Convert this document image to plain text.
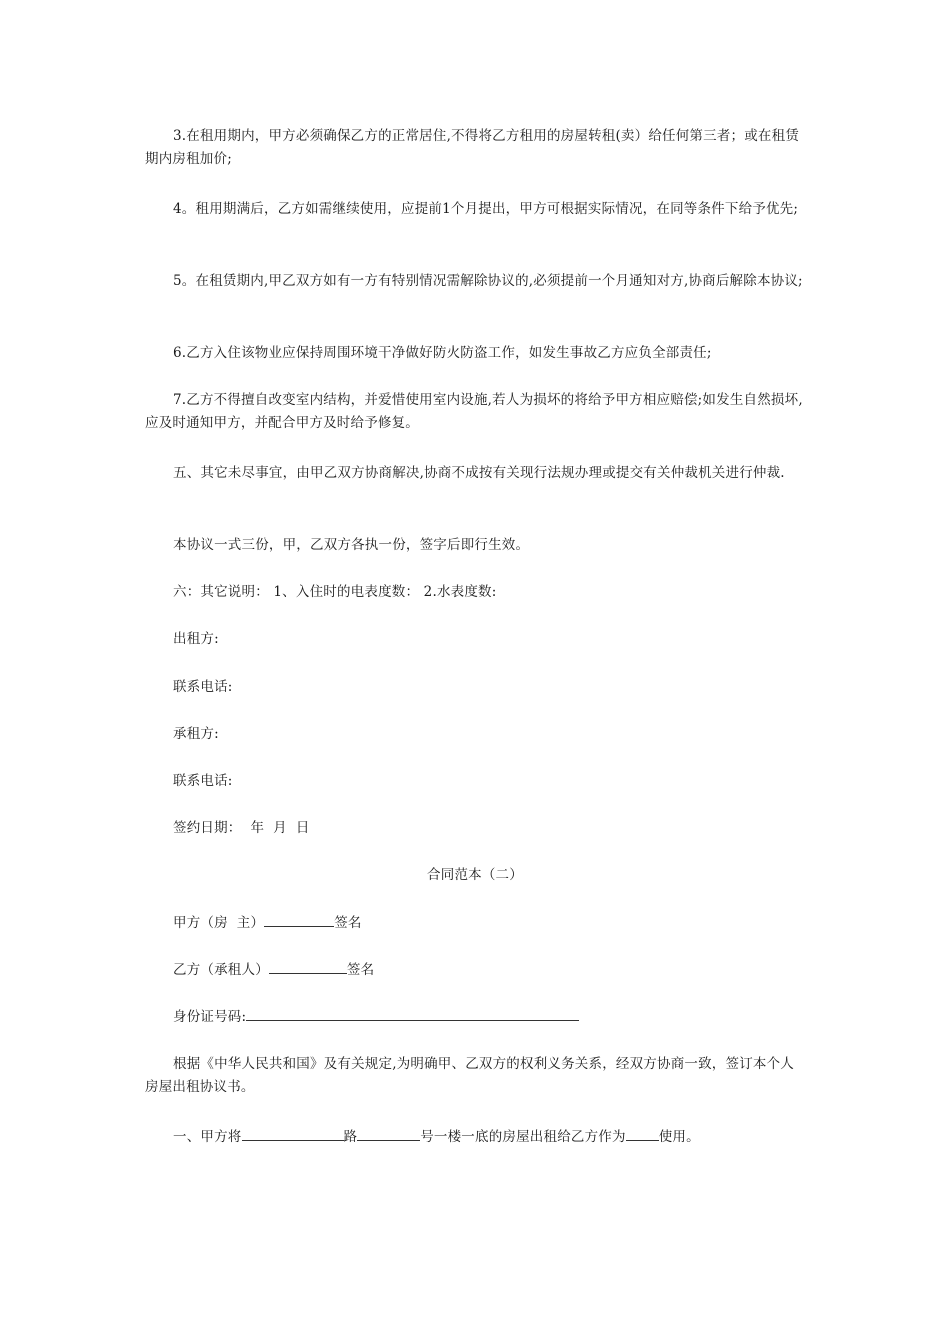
3.在租用期内，甲方必须确保乙方的正常居住,不得将乙方租用的房屋转租(卖）给任何第三者；或在租赁期内房租加价;

4。租用期满后，乙方如需继续使用，应提前1个月提出，甲方可根据实际情况，在同等条件下给予优先;

5。在租赁期内,甲乙双方如有一方有特别情况需解除协议的,必须提前一个月通知对方,协商后解除本协议;

6.乙方入住该物业应保持周围环境干净做好防火防盗工作，如发生事故乙方应负全部责任;

7.乙方不得擅自改变室内结构，并爱惜使用室内设施,若人为损坏的将给予甲方相应赔偿;如发生自然损坏,应及时通知甲方，并配合甲方及时给予修复。

五、其它未尽事宜，由甲乙双方协商解决,协商不成按有关现行法规办理或提交有关仲裁机关进行仲裁.

本协议一式三份，甲，乙双方各执一份，签字后即行生效。

六：其它说明： 1、入住时的电表度数： 2.水表度数:

出租方:

联系电话:

承租方:

联系电话:

签约日期：  年  月  日

合同范本（二）

甲方（房  主）	签名

乙方（承租人）	签名

身份证号码:

根据《中华人民共和国》及有关规定,为明确甲、乙双方的权利义务关系，经双方协商一致，签订本个人房屋出租协议书。

一、甲方将	路	号一楼一底的房屋出租给乙方作为 使用。
